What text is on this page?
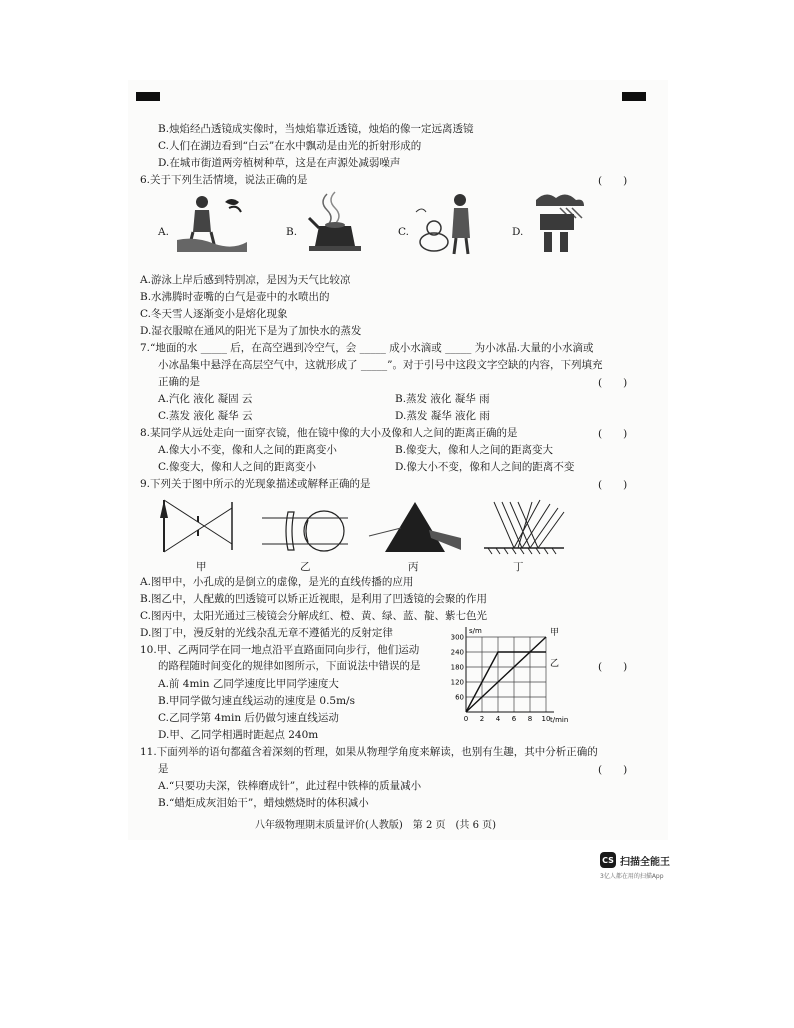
B.烛焰经凸透镜成实像时，当烛焰靠近透镜，烛焰的像一定远离透镜
C.人们在湖边看到“白云”在水中飘动是由光的折射形成的
D.在城市街道两旁植树种草，这是在声源处减弱噪声
6.关于下列生活情境，说法正确的是	(　　)
A.	B.	C.	D.
A.游泳上岸后感到特别凉，是因为天气比较凉
B.水沸腾时壶嘴的白气是壶中的水喷出的
C.冬天雪人逐渐变小是熔化现象
D.湿衣服晾在通风的阳光下是为了加快水的蒸发
7.“地面的水 _____ 后，在高空遇到冷空气，会 _____ 成小水滴或 _____ 为小冰晶.大量的小水滴或
小冰晶集中悬浮在高层空气中，这就形成了 _____”。对于引号中这段文字空缺的内容，下列填充
正确的是	(　　)
A.汽化 液化 凝固 云	B.蒸发 液化 凝华 雨
C.蒸发 液化 凝华 云	D.蒸发 凝华 液化 雨
8.某同学从远处走向一面穿衣镜，他在镜中像的大小及像和人之间的距离正确的是	(　　)
A.像大小不变，像和人之间的距离变小	B.像变大，像和人之间的距离变大
C.像变大，像和人之间的距离变小	D.像大小不变，像和人之间的距离不变
9.下列关于图中所示的光现象描述或解释正确的是	(　　)
甲	乙	丙	丁
A.图甲中，小孔成的是倒立的虚像，是光的直线传播的应用
B.图乙中，人配戴的凹透镜可以矫正近视眼，是利用了凹透镜的会聚的作用
C.图丙中，太阳光通过三棱镜会分解成红、橙、黄、绿、蓝、靛、紫七色光
D.图丁中，漫反射的光线杂乱无章不遵循光的反射定律
10.甲、乙两同学在同一地点沿平直路面同向步行，他们运动
的路程随时间变化的规律如图所示，下面说法中错误的是	(　　)
A.前 4min 乙同学速度比甲同学速度大
B.甲同学做匀速直线运动的速度是 0.5m/s
C.乙同学第 4min 后仍做匀速直线运动
D.甲、乙同学相遇时距起点 240m
0 2 4 6 8 10
60
120
180
240
300	甲
乙
s/m
t/min
11.下面列举的语句都蕴含着深刻的哲理，如果从物理学角度来解读，也别有生趣，其中分析正确的
是	(　　)
A.“只要功夫深，铁棒磨成针”，此过程中铁棒的质量减小
B.“蜡炬成灰泪始干”，蜡烛燃烧时的体积减小
八年级物理期末质量评价(人教版)　第 2 页　(共 6 页)
CS 扫描全能王
3亿人都在用的扫描App
